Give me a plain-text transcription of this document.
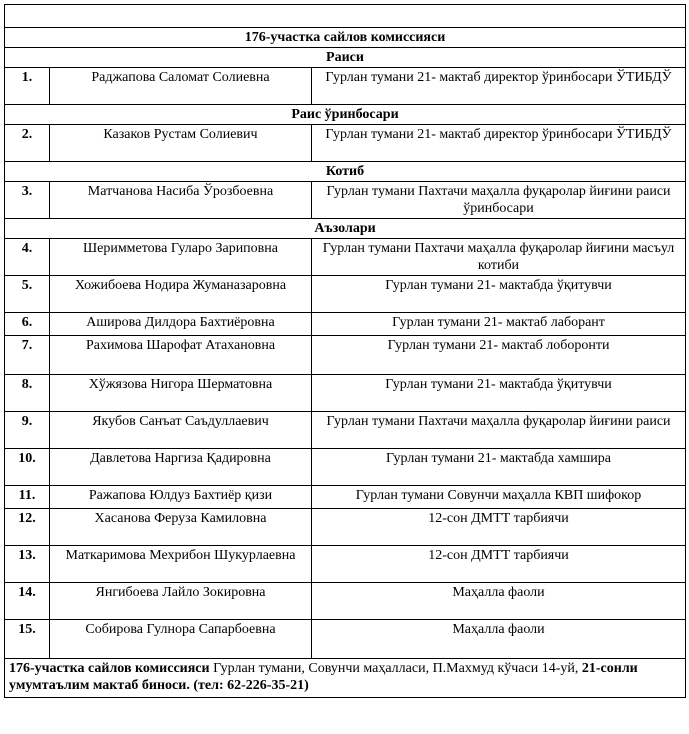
176-участка сайлов комиссияси		
Раиси		
1.	Раджапова Саломат Солиевна	Гурлан тумани 21- мактаб директор ўринбосари ЎТИБДЎ
Раис ўринбосари		
2.	Казаков Рустам Солиевич	Гурлан тумани 21- мактаб директор ўринбосари ЎТИБДЎ
Котиб		
3.	Матчанова Насиба Ўрозбоевна	Гурлан тумани Пахтачи маҳалла фуқаролар йиғини раиси ўринбосари
Аъзолари		
4.	Шеримметова Гуларо Зариповна	Гурлан тумани Пахтачи маҳалла фуқаролар йиғини масъул котиби
5.	Хожибоева Нодира Жуманазаровна	Гурлан тумани 21- мактабда ўқитувчи
6.	Аширова Дилдора Бахтиёровна	Гурлан тумани 21- мактаб лаборант
7.	Рахимова Шарофат Атахановна	Гурлан тумани 21- мактаб лоборонти
8.	Хўжязова Нигора Шерматовна	Гурлан тумани 21- мактабда ўқитувчи
9.	Якубов Санъат Саъдуллаевич	Гурлан тумани Пахтачи маҳалла фуқаролар йиғини раиси
10.	Давлетова Наргиза Қадировна	Гурлан тумани 21- мактабда хамшира
11.	Ражапова Юлдуз Бахтиёр қизи	Гурлан тумани Совунчи маҳалла КВП шифокор
12.	Хасанова Феруза Камиловна	12-сон ДМТТ тарбиячи
13.	Маткаримова Мехрибон Шукурлаевна	12-сон ДМТТ тарбиячи
14.	Янгибоева Лайло Зокировна	Маҳалла фаоли
15.	Собирова Гулнора Сапарбоевна	Маҳалла фаоли
176-участка сайлов комиссияси Гурлан тумани, Совунчи маҳалласи, П.Махмуд кўчаси 14-уй, 21-сонли умумтаълим мактаб биноси. (тел: 62-226-35-21)		
